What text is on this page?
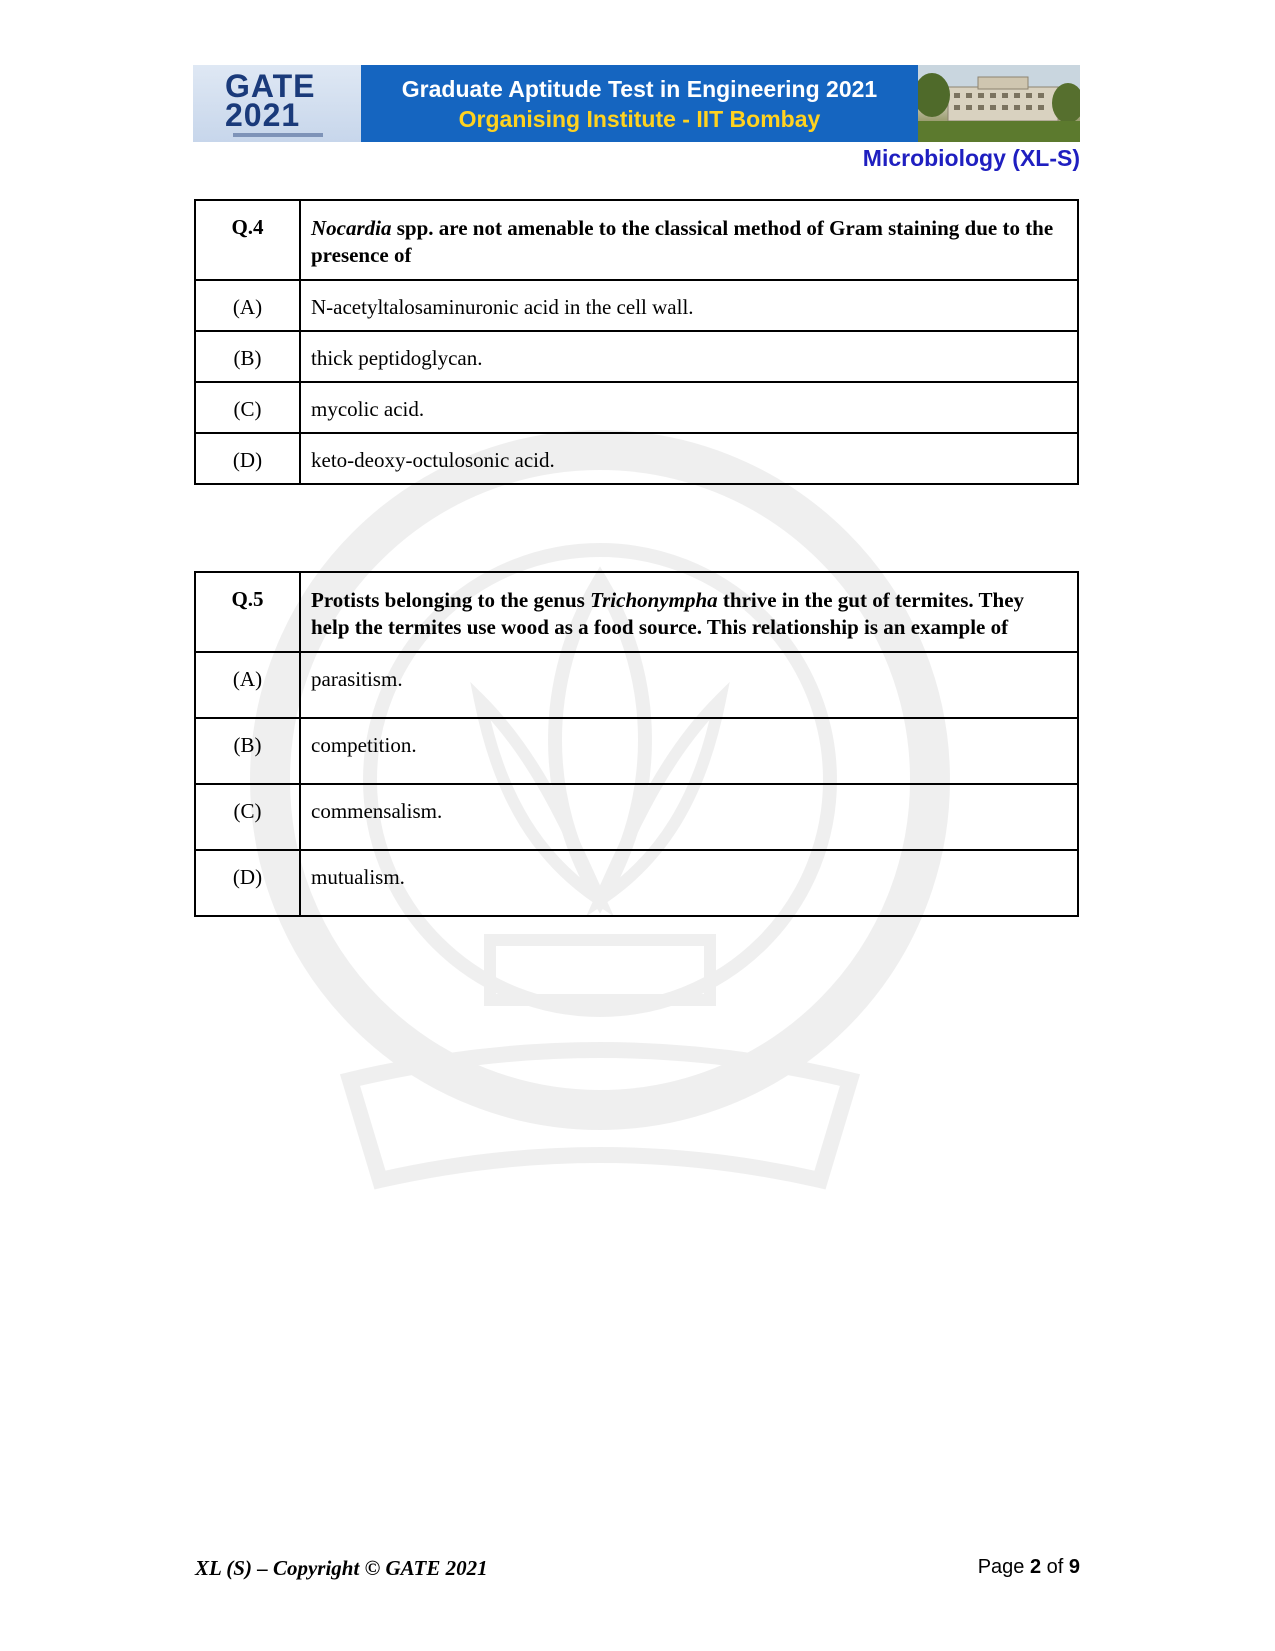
GATE
2021
Graduate Aptitude Test in Engineering 2021
Organising Institute - IIT Bombay
Microbiology (XL-S)
Q.4	Nocardia spp. are not amenable to the classical method of Gram staining due to the presence of
(A)	N-acetyltalosaminuronic acid in the cell wall.
(B)	thick peptidoglycan.
(C)	mycolic acid.
(D)	keto-deoxy-octulosonic acid.
Q.5	Protists belonging to the genus Trichonympha thrive in the gut of termites. They help the termites use wood as a food source. This relationship is an example of
(A)	parasitism.
(B)	competition.
(C)	commensalism.
(D)	mutualism.
XL (S) – Copyright © GATE 2021	Page 2 of 9
